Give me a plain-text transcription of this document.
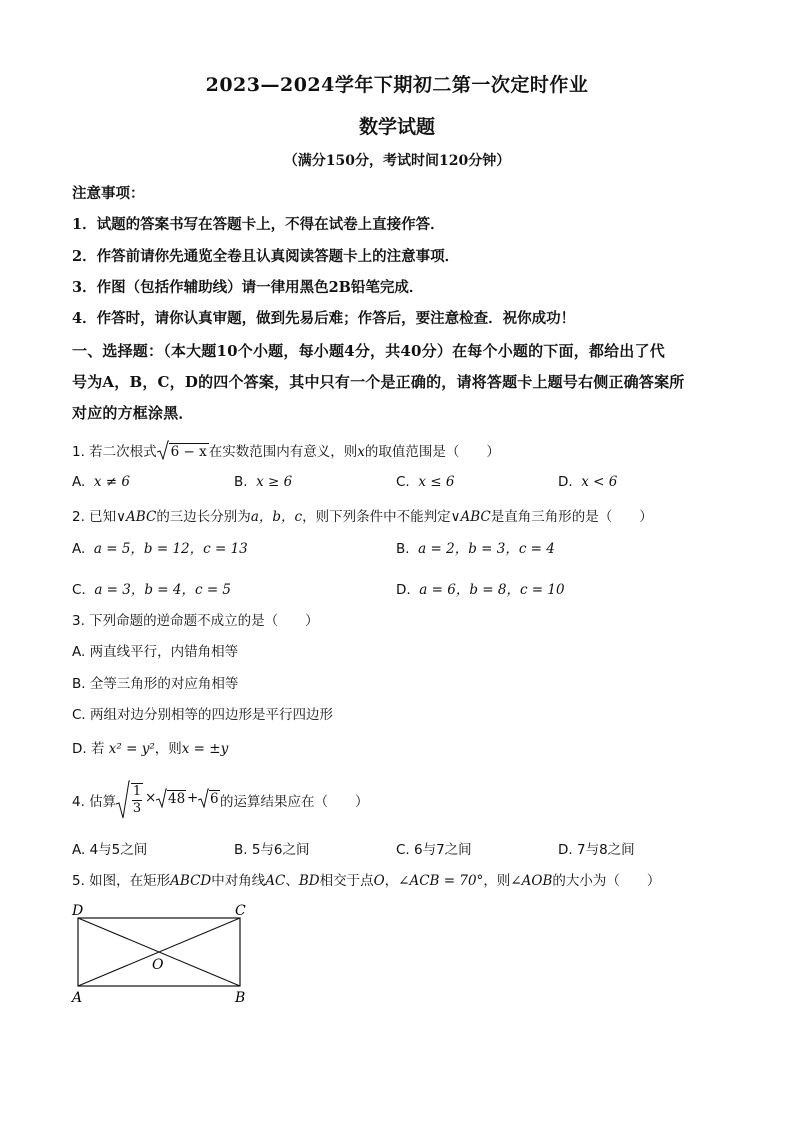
2023—2024学年下期初二第一次定时作业
数学试题
（满分150分，考试时间120分钟）
注意事项：
1．试题的答案书写在答题卡上，不得在试卷上直接作答．
2．作答前请你先通览全卷且认真阅读答题卡上的注意事项．
3．作图（包括作辅助线）请一律用黑色2B铅笔完成．
4．作答时，请你认真审题，做到先易后难；作答后，要注意检查．祝你成功！
一、选择题：（本大题10个小题，每小题4分，共40分）在每个小题的下面，都给出了代
号为A，B，C，D的四个答案，其中只有一个是正确的，请将答题卡上题号右侧正确答案所
对应的方框涂黑．
1. 若二次根式 6 − x 在实数范围内有意义，则x的取值范围是（　　）
A. x ≠ 6	B. x ≥ 6	C. x ≤ 6	D. x < 6
2. 已知∨ABC的三边长分别为a，b，c，则下列条件中不能判定∨ABC是直角三角形的是（　　）
A. a = 5，b = 12，c = 13	B. a = 2，b = 3，c = 4
C. a = 3，b = 4，c = 5	D. a = 6，b = 8，c = 10
3. 下列命题的逆命题不成立的是（　　）
A. 两直线平行，内错角相等
B. 全等三角形的对应角相等
C. 两组对边分别相等的四边形是平行四边形
D. 若 x² = y²，则x = ±y
4. 估算
1
3
× 48 + 6 的运算结果应在（　　）
A. 4与5之间	B. 5与6之间	C. 6与7之间	D. 7与8之间
5. 如图，在矩形ABCD中对角线AC、BD相交于点O，∠ACB = 70°，则∠AOB的大小为（　　）
D	C
A	B
O
